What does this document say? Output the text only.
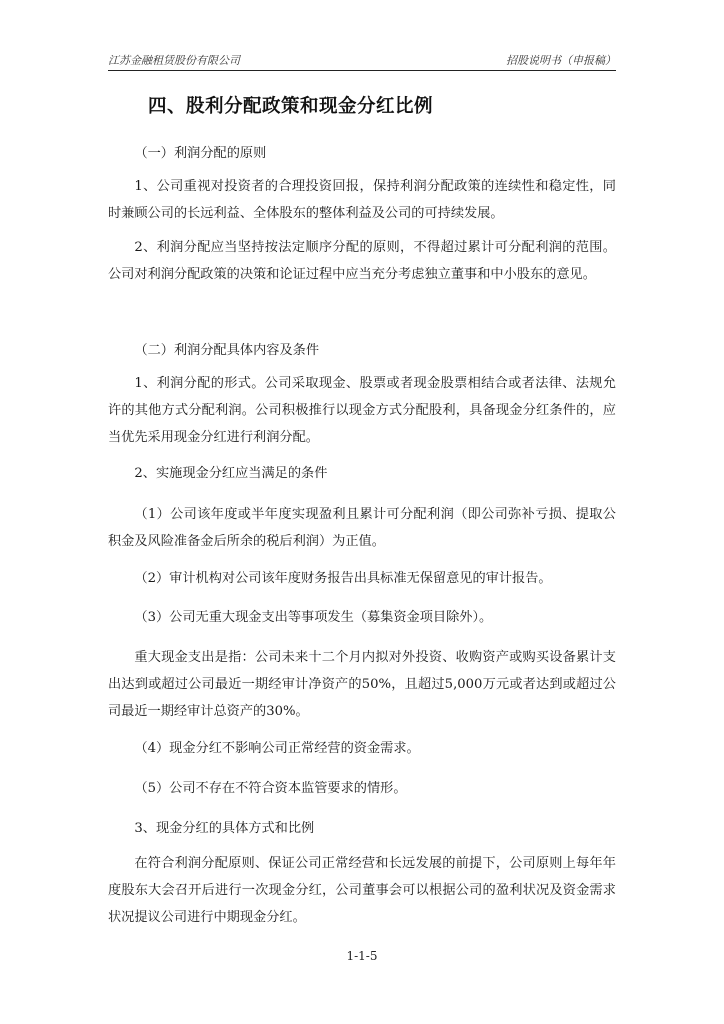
江苏金融租赁股份有限公司	招股说明书（申报稿）
四、股利分配政策和现金分红比例

（一）利润分配的原则

1、公司重视对投资者的合理投资回报，保持利润分配政策的连续性和稳定性，同时兼顾公司的长远利益、全体股东的整体利益及公司的可持续发展。

2、利润分配应当坚持按法定顺序分配的原则，不得超过累计可分配利润的范围。公司对利润分配政策的决策和论证过程中应当充分考虑独立董事和中小股东的意见。

（二）利润分配具体内容及条件

1、利润分配的形式。公司采取现金、股票或者现金股票相结合或者法律、法规允许的其他方式分配利润。公司积极推行以现金方式分配股利，具备现金分红条件的，应当优先采用现金分红进行利润分配。

2、实施现金分红应当满足的条件

（1）公司该年度或半年度实现盈利且累计可分配利润（即公司弥补亏损、提取公积金及风险准备金后所余的税后利润）为正值。

（2）审计机构对公司该年度财务报告出具标准无保留意见的审计报告。

（3）公司无重大现金支出等事项发生（募集资金项目除外）。

重大现金支出是指：公司未来十二个月内拟对外投资、收购资产或购买设备累计支出达到或超过公司最近一期经审计净资产的50%，且超过5,000万元或者达到或超过公司最近一期经审计总资产的30%。

（4）现金分红不影响公司正常经营的资金需求。

（5）公司不存在不符合资本监管要求的情形。

3、现金分红的具体方式和比例

在符合利润分配原则、保证公司正常经营和长远发展的前提下，公司原则上每年年度股东大会召开后进行一次现金分红，公司董事会可以根据公司的盈利状况及资金需求状况提议公司进行中期现金分红。

1-1-5
